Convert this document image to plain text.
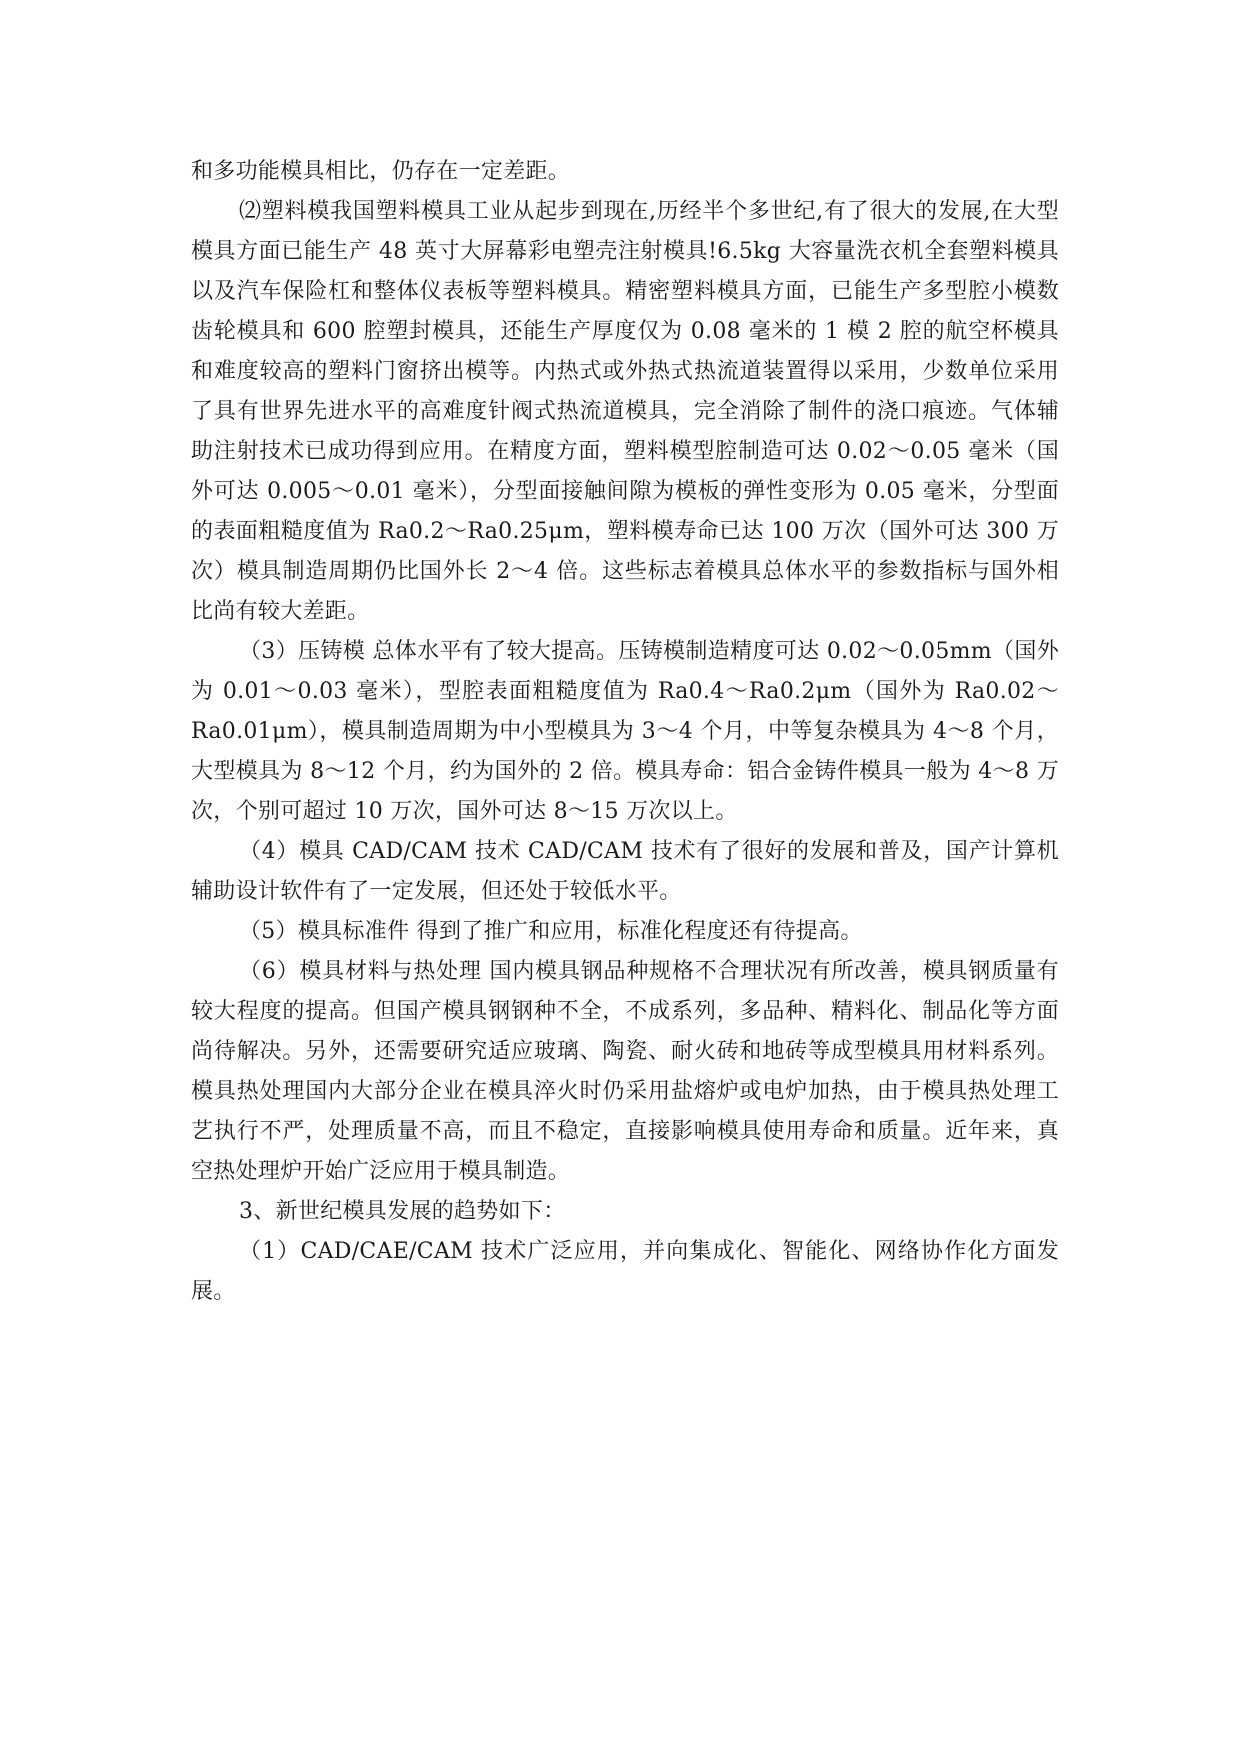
和多功能模具相比，仍存在一定差距。

⑵塑料模我国塑料模具工业从起步到现在,历经半个多世纪,有了很大的发展,在大型模具方面已能生产 48 英寸大屏幕彩电塑壳注射模具!6.5kg 大容量洗衣机全套塑料模具以及汽车保险杠和整体仪表板等塑料模具。精密塑料模具方面，已能生产多型腔小模数齿轮模具和 600 腔塑封模具，还能生产厚度仅为 0.08 毫米的 1 模 2 腔的航空杯模具和难度较高的塑料门窗挤出模等。内热式或外热式热流道装置得以采用，少数单位采用了具有世界先进水平的高难度针阀式热流道模具，完全消除了制件的浇口痕迹。气体辅助注射技术已成功得到应用。在精度方面，塑料模型腔制造可达 0.02～0.05 毫米（国外可达 0.005～0.01 毫米），分型面接触间隙为模板的弹性变形为 0.05 毫米，分型面的表面粗糙度值为 Ra0.2～Ra0.25μm，塑料模寿命已达 100 万次（国外可达 300 万次）模具制造周期仍比国外长 2～4 倍。这些标志着模具总体水平的参数指标与国外相比尚有较大差距。

（3）压铸模 总体水平有了较大提高。压铸模制造精度可达 0.02～0.05mm（国外为 0.01～0.03 毫米），型腔表面粗糙度值为 Ra0.4～Ra0.2μm（国外为 Ra0.02～Ra0.01μm），模具制造周期为中小型模具为 3～4 个月，中等复杂模具为 4～8 个月，大型模具为 8～12 个月，约为国外的 2 倍。模具寿命：铝合金铸件模具一般为 4～8 万次，个别可超过 10 万次，国外可达 8～15 万次以上。

（4）模具 CAD/CAM 技术 CAD/CAM 技术有了很好的发展和普及，国产计算机辅助设计软件有了一定发展，但还处于较低水平。

（5）模具标准件 得到了推广和应用，标准化程度还有待提高。

（6）模具材料与热处理 国内模具钢品种规格不合理状况有所改善，模具钢质量有较大程度的提高。但国产模具钢钢种不全，不成系列，多品种、精料化、制品化等方面尚待解决。另外，还需要研究适应玻璃、陶瓷、耐火砖和地砖等成型模具用材料系列。模具热处理国内大部分企业在模具淬火时仍采用盐熔炉或电炉加热，由于模具热处理工艺执行不严，处理质量不高，而且不稳定，直接影响模具使用寿命和质量。近年来，真空热处理炉开始广泛应用于模具制造。

3、新世纪模具发展的趋势如下：

（1）CAD/CAE/CAM 技术广泛应用，并向集成化、智能化、网络协作化方面发展。
